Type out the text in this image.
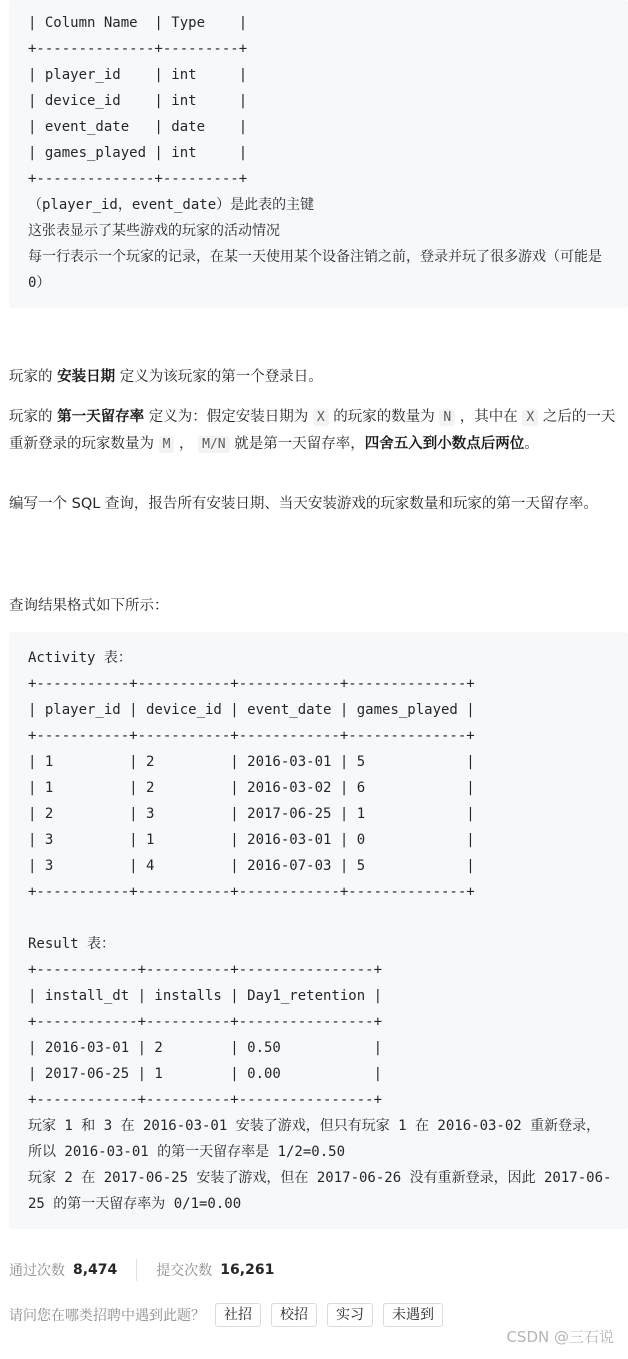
| Column Name  | Type    |
+--------------+---------+
| player_id    | int     |
| device_id    | int     |
| event_date   | date    |
| games_played | int     |
+--------------+---------+
（player_id，event_date）是此表的主键
这张表显示了某些游戏的玩家的活动情况
每一行表示一个玩家的记录，在某一天使用某个设备注销之前，登录并玩了很多游戏（可能是 0）
玩家的 安装日期 定义为该玩家的第一个登录日。
玩家的 第一天留存率 定义为：假定安装日期为 X 的玩家的数量为 N ，其中在 X 之后的一天重新登录的玩家数量为 M ， M/N 就是第一天留存率，四舍五入到小数点后两位。
编写一个 SQL 查询，报告所有安装日期、当天安装游戏的玩家数量和玩家的第一天留存率。
查询结果格式如下所示：
Activity 表：
+-----------+-----------+------------+--------------+
| player_id | device_id | event_date | games_played |
+-----------+-----------+------------+--------------+
| 1         | 2         | 2016-03-01 | 5            |
| 1         | 2         | 2016-03-02 | 6            |
| 2         | 3         | 2017-06-25 | 1            |
| 3         | 1         | 2016-03-01 | 0            |
| 3         | 4         | 2016-07-03 | 5            |
+-----------+-----------+------------+--------------+

Result 表：
+------------+----------+----------------+
| install_dt | installs | Day1_retention |
+------------+----------+----------------+
| 2016-03-01 | 2        | 0.50           |
| 2017-06-25 | 1        | 0.00           |
+------------+----------+----------------+
玩家 1 和 3 在 2016-03-01 安装了游戏，但只有玩家 1 在 2016-03-02 重新登录，所以 2016-03-01 的第一天留存率是 1/2=0.50
玩家 2 在 2017-06-25 安装了游戏，但在 2017-06-26 没有重新登录，因此 2017-06-25 的第一天留存率为 0/1=0.00
通过次数 8,474	提交次数 16,261
请问您在哪类招聘中遇到此题？	社招	校招	实习	未遇到
CSDN @三石说
